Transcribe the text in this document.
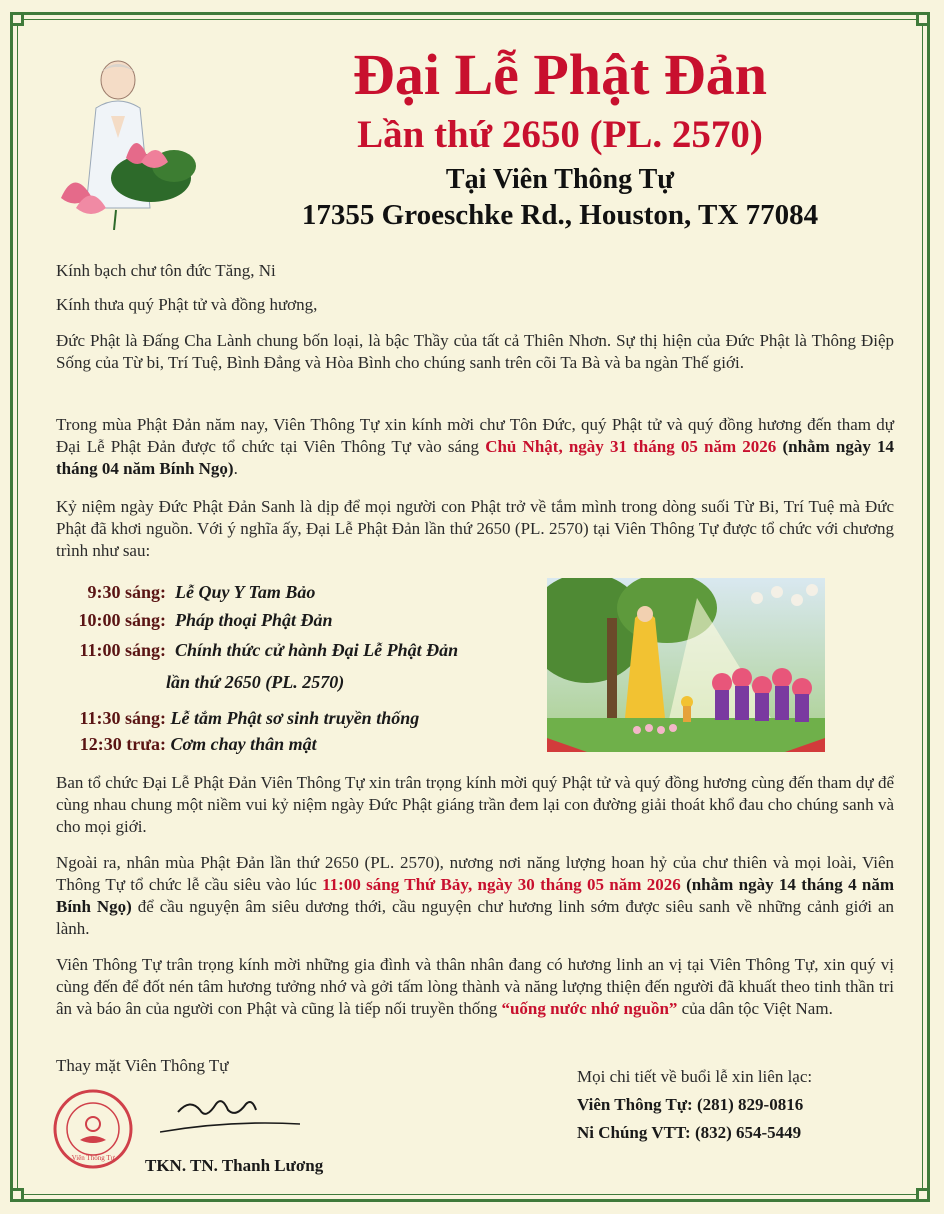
Đại Lễ Phật Đản
Lần thứ 2650 (PL. 2570)
Tại Viên Thông Tự
17355 Groeschke Rd., Houston, TX 77084

Kính bạch chư tôn đức Tăng, Ni

Kính thưa quý Phật tử và đồng hương,

Đức Phật là Đấng Cha Lành chung bốn loại, là bậc Thầy của tất cả Thiên Nhơn. Sự thị hiện của Đức Phật là Thông Điệp Sống của Từ bi, Trí Tuệ, Bình Đẳng và Hòa Bình cho chúng sanh trên cõi Ta Bà và ba ngàn Thế giới.

Trong mùa Phật Đản năm nay, Viên Thông Tự xin kính mời chư Tôn Đức, quý Phật tử và quý đồng hương đến tham dự Đại Lễ Phật Đản được tổ chức tại Viên Thông Tự vào sáng Chủ Nhật, ngày 31 tháng 05 năm 2026 (nhằm ngày 14 tháng 04 năm Bính Ngọ).

Kỷ niệm ngày Đức Phật Đản Sanh là dịp để mọi người con Phật trở về tắm mình trong dòng suối Từ Bi, Trí Tuệ mà Đức Phật đã khơi nguồn. Với ý nghĩa ấy, Đại Lễ Phật Đản lần thứ 2650 (PL. 2570) tại Viên Thông Tự được tổ chức với chương trình như sau:

9:30 sáng: Lễ Quy Y Tam Bảo
10:00 sáng: Pháp thoại Phật Đản
11:00 sáng: Chính thức cử hành Đại Lễ Phật Đản
lần thứ 2650 (PL. 2570)
11:30 sáng: Lễ tắm Phật sơ sinh truyền thống
12:30 trưa: Cơm chay thân mật

Ban tổ chức Đại Lễ Phật Đản Viên Thông Tự xin trân trọng kính mời quý Phật tử và quý đồng hương cùng đến tham dự để cùng nhau chung một niềm vui kỷ niệm ngày Đức Phật giáng trần đem lại con đường giải thoát khổ đau cho chúng sanh và cho mọi giới.

Ngoài ra, nhân mùa Phật Đản lần thứ 2650 (PL. 2570), nương nơi năng lượng hoan hỷ của chư thiên và mọi loài, Viên Thông Tự tổ chức lễ cầu siêu vào lúc 11:00 sáng Thứ Bảy, ngày 30 tháng 05 năm 2026 (nhằm ngày 14 tháng 4 năm Bính Ngọ) để cầu nguyện âm siêu dương thới, cầu nguyện chư hương linh sớm được siêu sanh về những cảnh giới an lành.

Viên Thông Tự trân trọng kính mời những gia đình và thân nhân đang có hương linh an vị tại Viên Thông Tự, xin quý vị cùng đến để đốt nén tâm hương tưởng nhớ và gởi tấm lòng thành và năng lượng thiện đến người đã khuất theo tinh thần tri ân và báo ân của người con Phật và cũng là tiếp nối truyền thống “uống nước nhớ nguồn” của dân tộc Việt Nam.

Thay mặt Viên Thông Tự
Viên Thông Tự TKN. TN. Thanh Lương
Mọi chi tiết về buổi lễ xin liên lạc:
Viên Thông Tự: (281) 829-0816
Ni Chúng VTT: (832) 654-5449
